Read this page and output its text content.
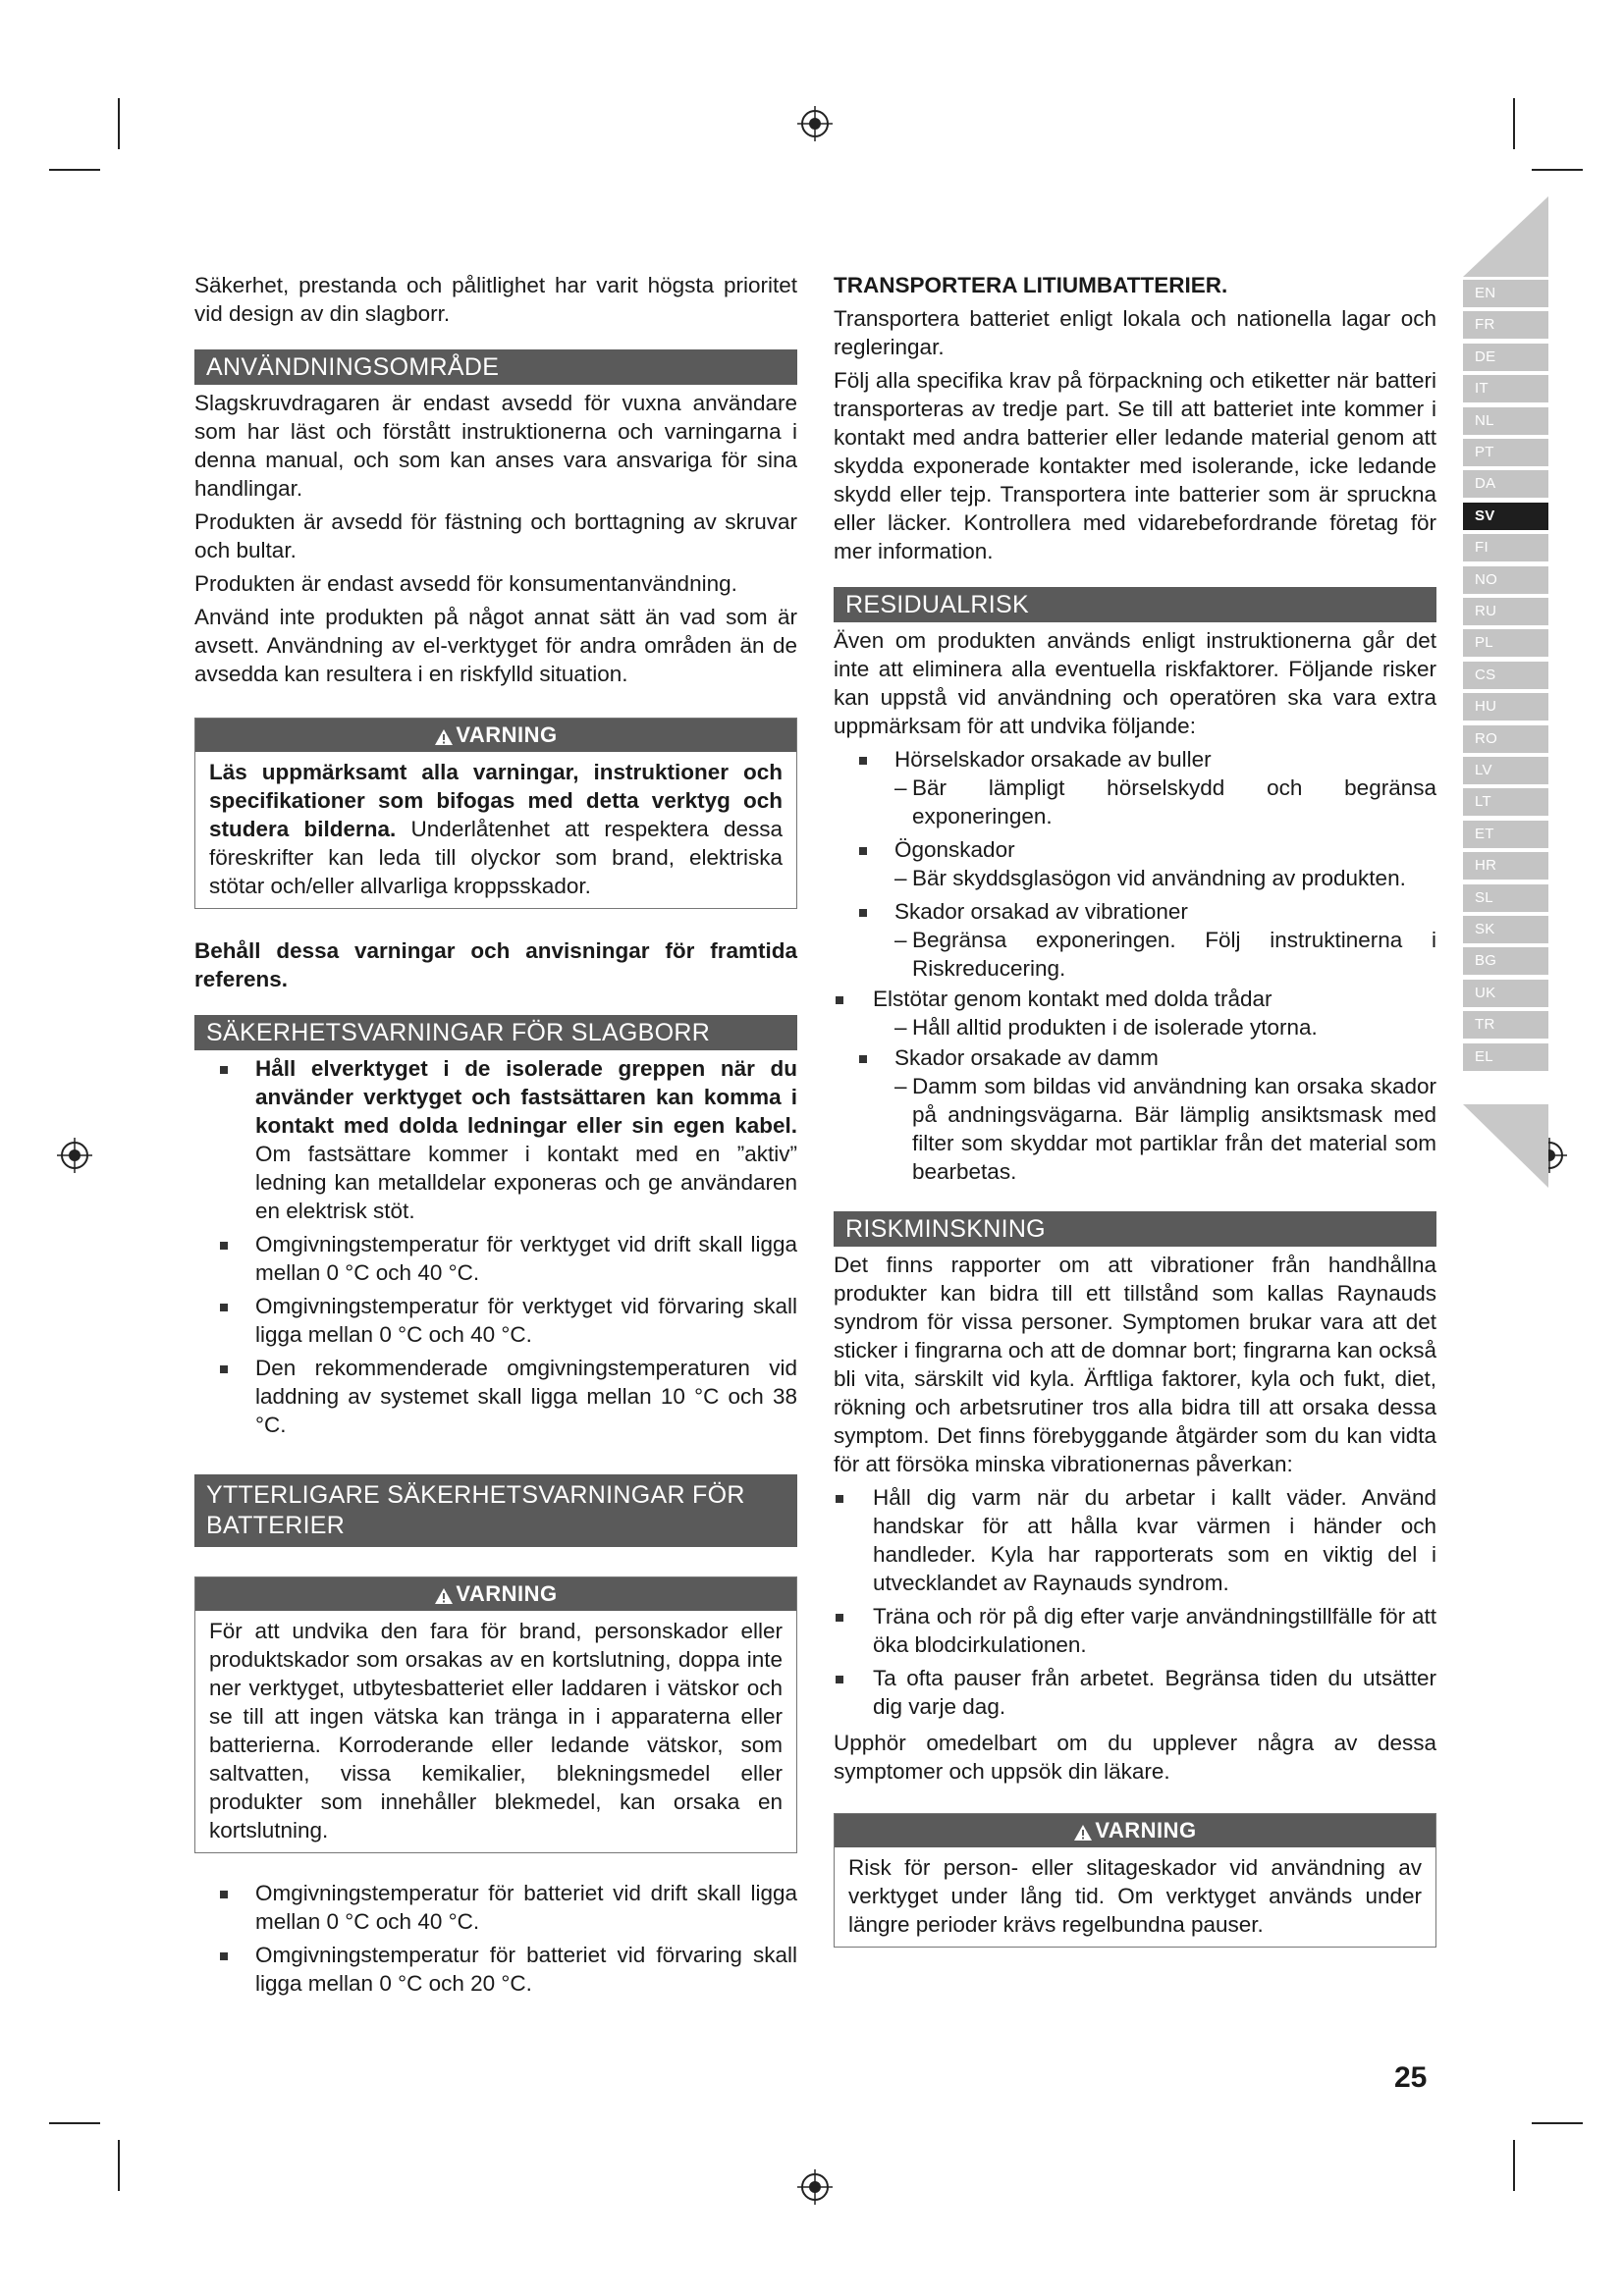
EN
FR
DE
IT
NL
PT
DA
SV
FI
NO
RU
PL
CS
HU
RO
LV
LT
ET
HR
SL
SK
BG
UK
TR
EL

Säkerhet, prestanda och pålitlighet har varit högsta prioritet vid design av din slagborr.

ANVÄNDNINGSOMRÅDE

Slagskruvdragaren är endast avsedd för vuxna användare som har läst och förstått instruktionerna och varningarna i denna manual, och som kan anses vara ansvariga för sina handlingar.

Produkten är avsedd för fästning och borttagning av skruvar och bultar.

Produkten är endast avsedd för konsumentanvändning.

Använd inte produkten på något annat sätt än vad som är avsett. Användning av el-verktyget för andra områden än de avsedda kan resultera i en riskfylld situation.

VARNING
Läs uppmärksamt alla varningar, instruktioner och specifikationer som bifogas med detta verktyg och studera bilderna. Underlåtenhet att respektera dessa föreskrifter kan leda till olyckor som brand, elektriska stötar och/eller allvarliga kroppsskador.

Behåll dessa varningar och anvisningar för framtida referens.

SÄKERHETSVARNINGAR FÖR SLAGBORR
Håll elverktyget i de isolerade greppen när du använder verktyget och fastsättaren kan komma i kontakt med dolda ledningar eller sin egen kabel. Om fastsättare kommer i kontakt med en ”aktiv” ledning kan metalldelar exponeras och ge användaren en elektrisk stöt.
Omgivningstemperatur för verktyget vid drift skall ligga mellan 0 °C och 40 °C.
Omgivningstemperatur för verktyget vid förvaring skall ligga mellan 0 °C och 40 °C.
Den rekommenderade omgivningstemperaturen vid laddning av systemet skall ligga mellan 10 °C och 38 °C.
YTTERLIGARE SÄKERHETSVARNINGAR FÖR BATTERIER
VARNING
För att undvika den fara för brand, personskador eller produktskador som orsakas av en kortslutning, doppa inte ner verktyget, utbytesbatteriet eller laddaren i vätskor och se till att ingen vätska kan tränga in i apparaterna eller batterierna. Korroderande eller ledande vätskor, som saltvatten, vissa kemikalier, blekningsmedel eller produkter som innehåller blekmedel, kan orsaka en kortslutning.
Omgivningstemperatur för batteriet vid drift skall ligga mellan 0 °C och 40 °C.
Omgivningstemperatur för batteriet vid förvaring skall ligga mellan 0 °C och 20 °C.

TRANSPORTERA LITIUMBATTERIER.

Transportera batteriet enligt lokala och nationella lagar och regleringar.

Följ alla specifika krav på förpackning och etiketter när batteri transporteras av tredje part. Se till att batteriet inte kommer i kontakt med andra batterier eller ledande material genom att skydda exponerade kontakter med isolerande, icke ledande skydd eller tejp. Transportera inte batterier som är spruckna eller läcker. Kontrollera med vidarebefordrande företag för mer information.

RESIDUALRISK

Även om produkten används enligt instruktionerna går det inte att eliminera alla eventuella riskfaktorer. Följande risker kan uppstå vid användning och operatören ska vara extra uppmärksam för att undvika följande:

Hörselskador orsakade av buller
– Bär lämpligt hörselskydd och begränsa exponeringen.
Ögonskador
– Bär skyddsglasögon vid användning av produkten.
Skador orsakad av vibrationer
– Begränsa exponeringen. Följ instruktinerna i Riskreducering.
Elstötar genom kontakt med dolda trådar
– Håll alltid produkten i de isolerade ytorna.
Skador orsakade av damm
– Damm som bildas vid användning kan orsaka skador på andningsvägarna. Bär lämplig ansiktsmask med filter som skyddar mot partiklar från det material som bearbetas.
RISKMINSKNING

Det finns rapporter om att vibrationer från handhållna produkter kan bidra till ett tillstånd som kallas Raynauds syndrom för vissa personer. Symptomen brukar vara att det sticker i fingrarna och att de domnar bort; fingrarna kan också bli vita, särskilt vid kyla. Ärftliga faktorer, kyla och fukt, diet, rökning och arbetsrutiner tros alla bidra till att orsaka dessa symptom. Det finns förebyggande åtgärder som du kan vidta för att försöka minska vibrationernas påverkan:

Håll dig varm när du arbetar i kallt väder. Använd handskar för att hålla kvar värmen i händer och handleder. Kyla har rapporterats som en viktig del i utvecklandet av Raynauds syndrom.
Träna och rör på dig efter varje användningstillfälle för att öka blodcirkulationen.
Ta ofta pauser från arbetet. Begränsa tiden du utsätter dig varje dag.

Upphör omedelbart om du upplever några av dessa symptomer och uppsök din läkare.

VARNING
Risk för person- eller slitageskador vid användning av verktyget under lång tid. Om verktyget används under längre perioder krävs regelbundna pauser.
25
